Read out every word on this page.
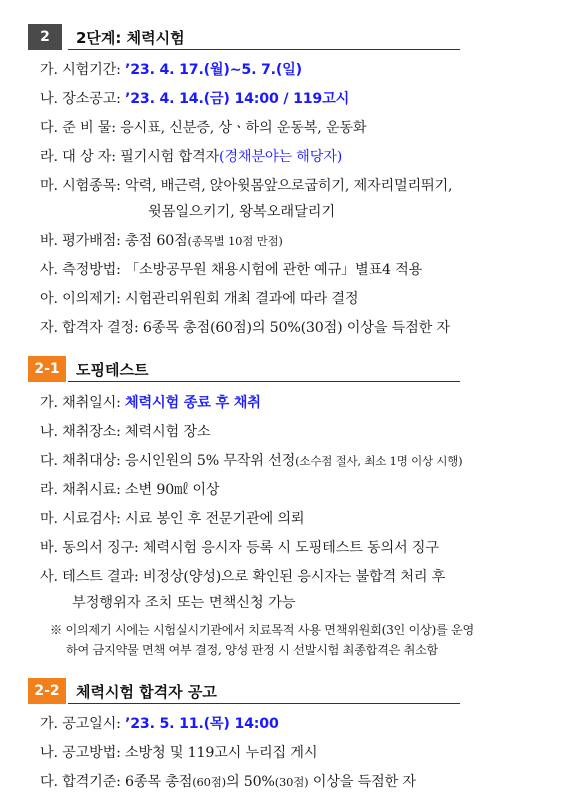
2	2단계: 체력시험
가. 시험기간: ’23. 4. 17.(월)∼5. 7.(일)
나. 장소공고: ’23. 4. 14.(금) 14:00 / 119고시
다. 준 비 물: 응시표, 신분증, 상ㆍ하의 운동복, 운동화
라. 대 상 자: 필기시험 합격자(경채분야는 해당자)
마. 시험종목: 악력, 배근력, 앉아윗몸앞으로굽히기, 제자리멀리뛰기,
윗몸일으키기, 왕복오래달리기
바. 평가배점: 총점 60점(종목별 10점 만점)
사. 측정방법: 「소방공무원 채용시험에 관한 예규」별표4 적용
아. 이의제기: 시험관리위원회 개최 결과에 따라 결정
자. 합격자 결정: 6종목 총점(60점)의 50%(30점) 이상을 득점한 자
2-1	도핑테스트
가. 채취일시: 체력시험 종료 후 채취
나. 채취장소: 체력시험 장소
다. 채취대상: 응시인원의 5% 무작위 선정(소수점 절사, 최소 1명 이상 시행)
라. 채취시료: 소변 90㎖ 이상
마. 시료검사: 시료 봉인 후 전문기관에 의뢰
바. 동의서 징구: 체력시험 응시자 등록 시 도핑테스트 동의서 징구
사. 테스트 결과: 비정상(양성)으로 확인된 응시자는 불합격 처리 후
부정행위자 조치 또는 면책신청 가능
※ 이의제기 시에는 시험실시기관에서 치료목적 사용 면책위원회(3인 이상)를 운영
하여 금지약물 면책 여부 결정, 양성 판정 시 선발시험 최종합격은 취소함
2-2	체력시험 합격자 공고
가. 공고일시: ’23. 5. 11.(목) 14:00
나. 공고방법: 소방청 및 119고시 누리집 게시
다. 합격기준: 6종목 총점(60점)의 50%(30점) 이상을 득점한 자
